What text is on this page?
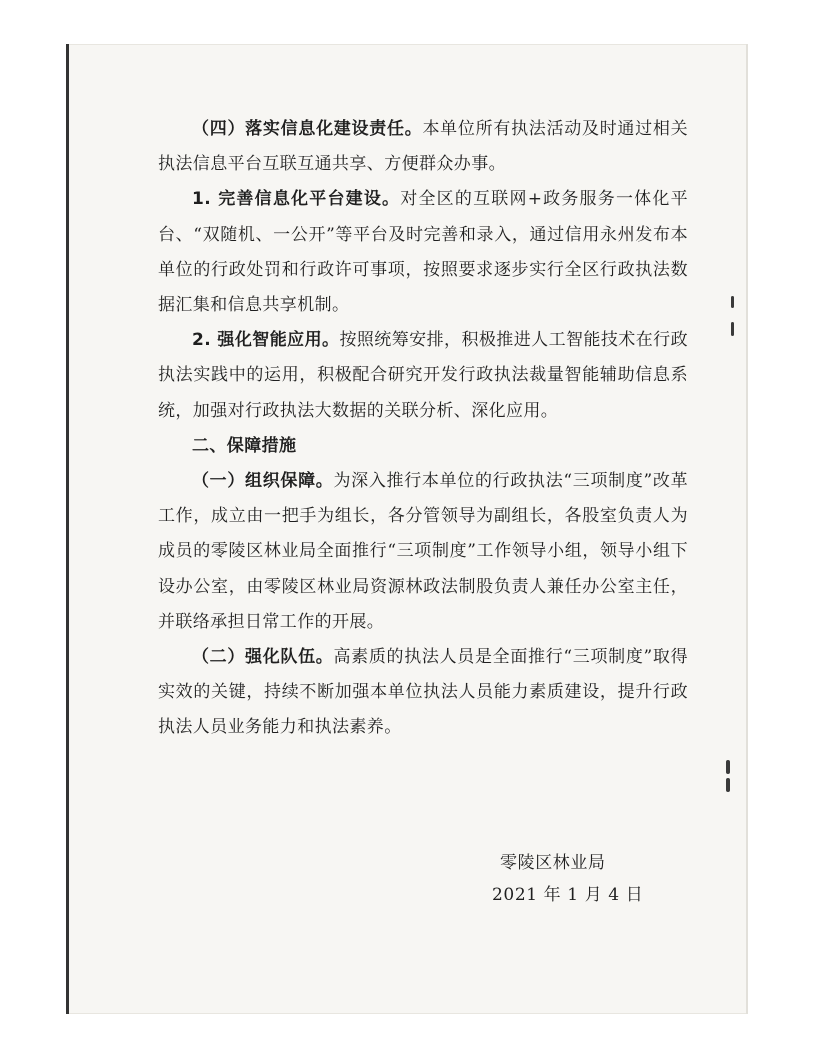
（四）落实信息化建设责任。本单位所有执法活动及时通过相关执法信息平台互联互通共享、方便群众办事。

1. 完善信息化平台建设。对全区的互联网+政务服务一体化平台、“双随机、一公开”等平台及时完善和录入，通过信用永州发布本单位的行政处罚和行政许可事项，按照要求逐步实行全区行政执法数据汇集和信息共享机制。

2. 强化智能应用。按照统筹安排，积极推进人工智能技术在行政执法实践中的运用，积极配合研究开发行政执法裁量智能辅助信息系统，加强对行政执法大数据的关联分析、深化应用。

二、保障措施

（一）组织保障。为深入推行本单位的行政执法“三项制度”改革工作，成立由一把手为组长，各分管领导为副组长，各股室负责人为成员的零陵区林业局全面推行“三项制度”工作领导小组，领导小组下设办公室，由零陵区林业局资源林政法制股负责人兼任办公室主任，并联络承担日常工作的开展。

（二）强化队伍。高素质的执法人员是全面推行“三项制度”取得实效的关键，持续不断加强本单位执法人员能力素质建设，提升行政执法人员业务能力和执法素养。

零陵区林业局
2021 年 1 月 4 日
